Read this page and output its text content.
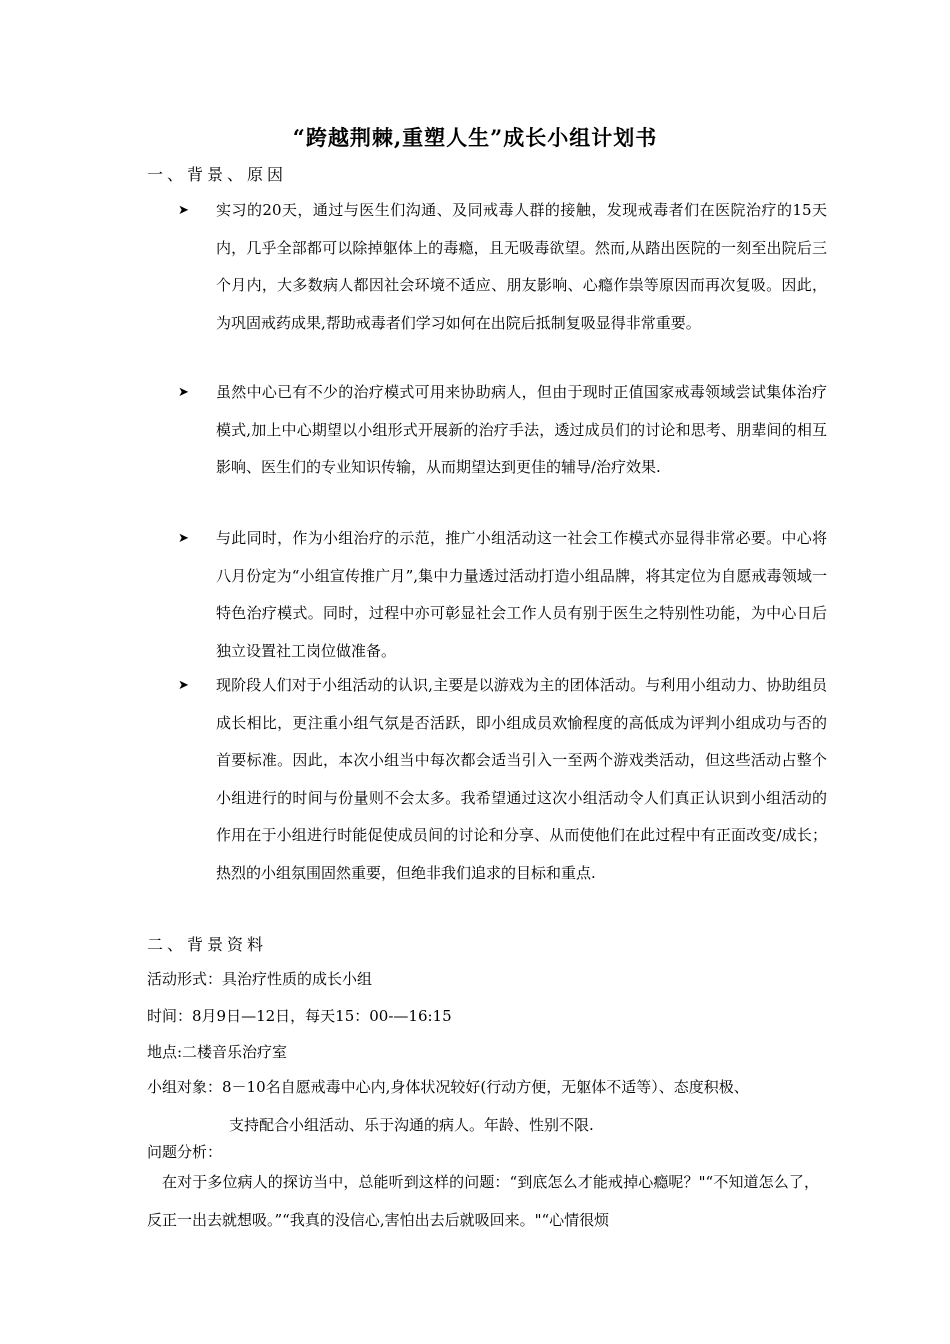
“跨越荆棘,重塑人生”成长小组计划书
一、背景、原因
➤ 实习的20天，通过与医生们沟通、及同戒毒人群的接触，发现戒毒者们在医院治疗的15天内，几乎全部都可以除掉躯体上的毒瘾，且无吸毒欲望。然而,从踏出医院的一刻至出院后三个月内，大多数病人都因社会环境不适应、朋友影响、心瘾作祟等原因而再次复吸。因此，为巩固戒药成果,帮助戒毒者们学习如何在出院后抵制复吸显得非常重要。
➤ 虽然中心已有不少的治疗模式可用来协助病人，但由于现时正值国家戒毒领域尝试集体治疗模式,加上中心期望以小组形式开展新的治疗手法，透过成员们的讨论和思考、朋辈间的相互影响、医生们的专业知识传输，从而期望达到更佳的辅导/治疗效果.
➤ 与此同时，作为小组治疗的示范，推广小组活动这一社会工作模式亦显得非常必要。中心将八月份定为“小组宣传推广月”,集中力量透过活动打造小组品牌，将其定位为自愿戒毒领域一特色治疗模式。同时，过程中亦可彰显社会工作人员有别于医生之特别性功能，为中心日后独立设置社工岗位做准备。
➤ 现阶段人们对于小组活动的认识,主要是以游戏为主的团体活动。与利用小组动力、协助组员成长相比，更注重小组气氛是否活跃，即小组成员欢愉程度的高低成为评判小组成功与否的首要标准。因此，本次小组当中每次都会适当引入一至两个游戏类活动，但这些活动占整个小组进行的时间与份量则不会太多。我希望通过这次小组活动令人们真正认识到小组活动的作用在于小组进行时能促使成员间的讨论和分享、从而使他们在此过程中有正面改变/成长；热烈的小组氛围固然重要，但绝非我们追求的目标和重点.
二、背景资料
活动形式：具治疗性质的成长小组
时间：8月9日—12日，每天15：00-—16:15
地点:二楼音乐治疗室
小组对象：8－10名自愿戒毒中心内,身体状况较好(行动方便，无躯体不适等）、态度积极、
支持配合小组活动、乐于沟通的病人。年龄、性别不限.
问题分析：
在对于多位病人的探访当中，总能听到这样的问题：“到底怎么才能戒掉心瘾呢？"“不知道怎么了，反正一出去就想吸。”“我真的没信心,害怕出去后就吸回来。"“心情很烦
